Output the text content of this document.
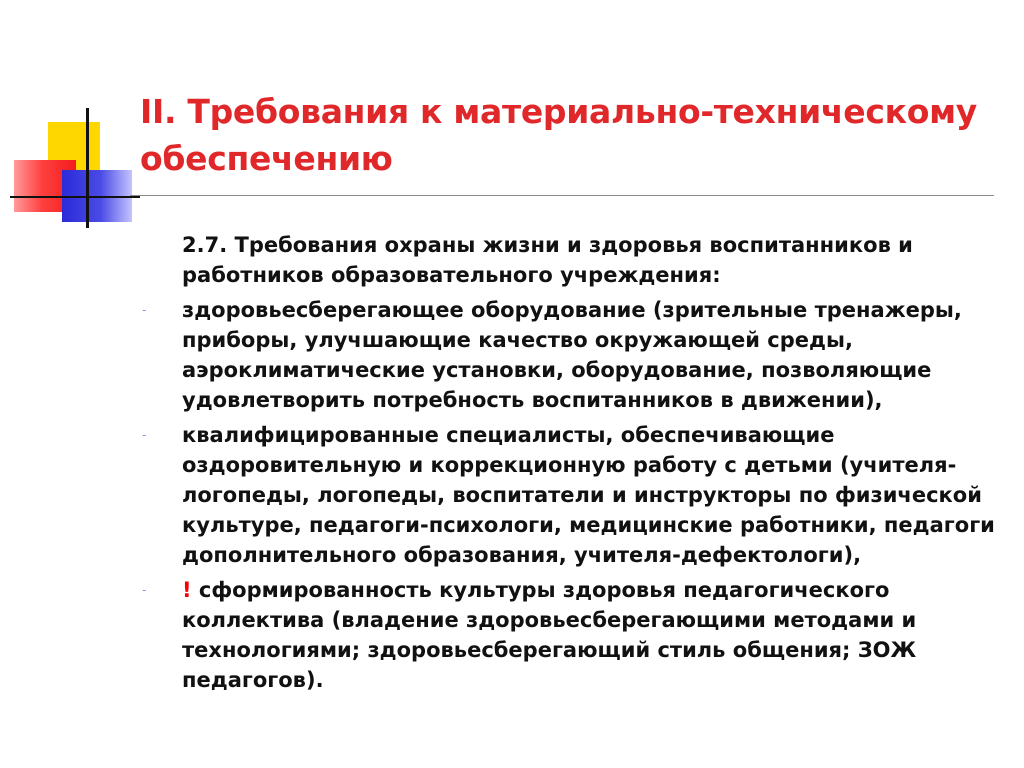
II. Требования к материально-техническому обеспечению

2.7. Требования охраны жизни и здоровья воспитанников и работников образовательного учреждения:

- здоровьесберегающее оборудование (зрительные тренажеры, приборы, улучшающие качество окружающей среды, аэроклиматические установки, оборудование, позволяющие удовлетворить потребность воспитанников в движении),

- квалифицированные специалисты, обеспечивающие оздоровительную и коррекционную работу с детьми (учителя-логопеды, логопеды, воспитатели и инструкторы по физической культуре, педагоги-психологи, медицинские работники, педагоги дополнительного образования, учителя-дефектологи),

- ! сформированность культуры здоровья педагогического коллектива (владение здоровьесберегающими методами и технологиями; здоровьесберегающий стиль общения; ЗОЖ педагогов).
